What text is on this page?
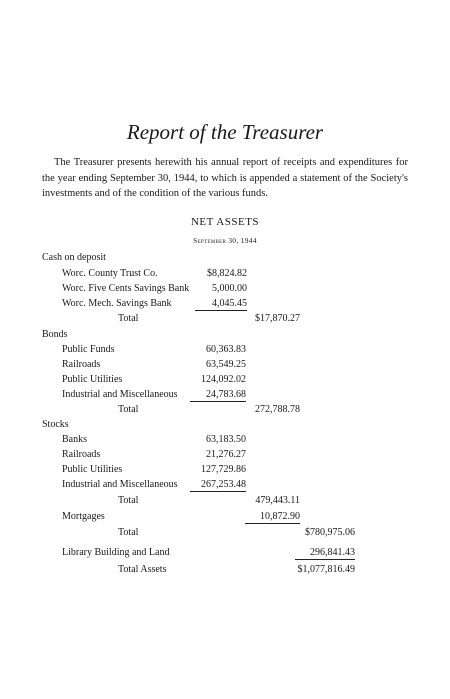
Report of the Treasurer
The Treasurer presents herewith his annual report of receipts and expenditures for the year ending September 30, 1944, to which is appended a statement of the Society's investments and of the condition of the various funds.
NET ASSETS
September 30, 1944
Cash on deposit
Worc. County Trust Co.	$8,824.82
Worc. Five Cents Savings Bank	5,000.00
Worc. Mech. Savings Bank	4,045.45
Total	$17,870.27
Bonds
Public Funds	60,363.83
Railroads	63,549.25
Public Utilities	124,092.02
Industrial and Miscellaneous	24,783.68
Total	272,788.78
Stocks
Banks	63,183.50
Railroads	21,276.27
Public Utilities	127,729.86
Industrial and Miscellaneous	267,253.48
Total	479,443.11
Mortgages	10,872.90
Total	$780,975.06
Library Building and Land	296,841.43
Total Assets	$1,077,816.49
